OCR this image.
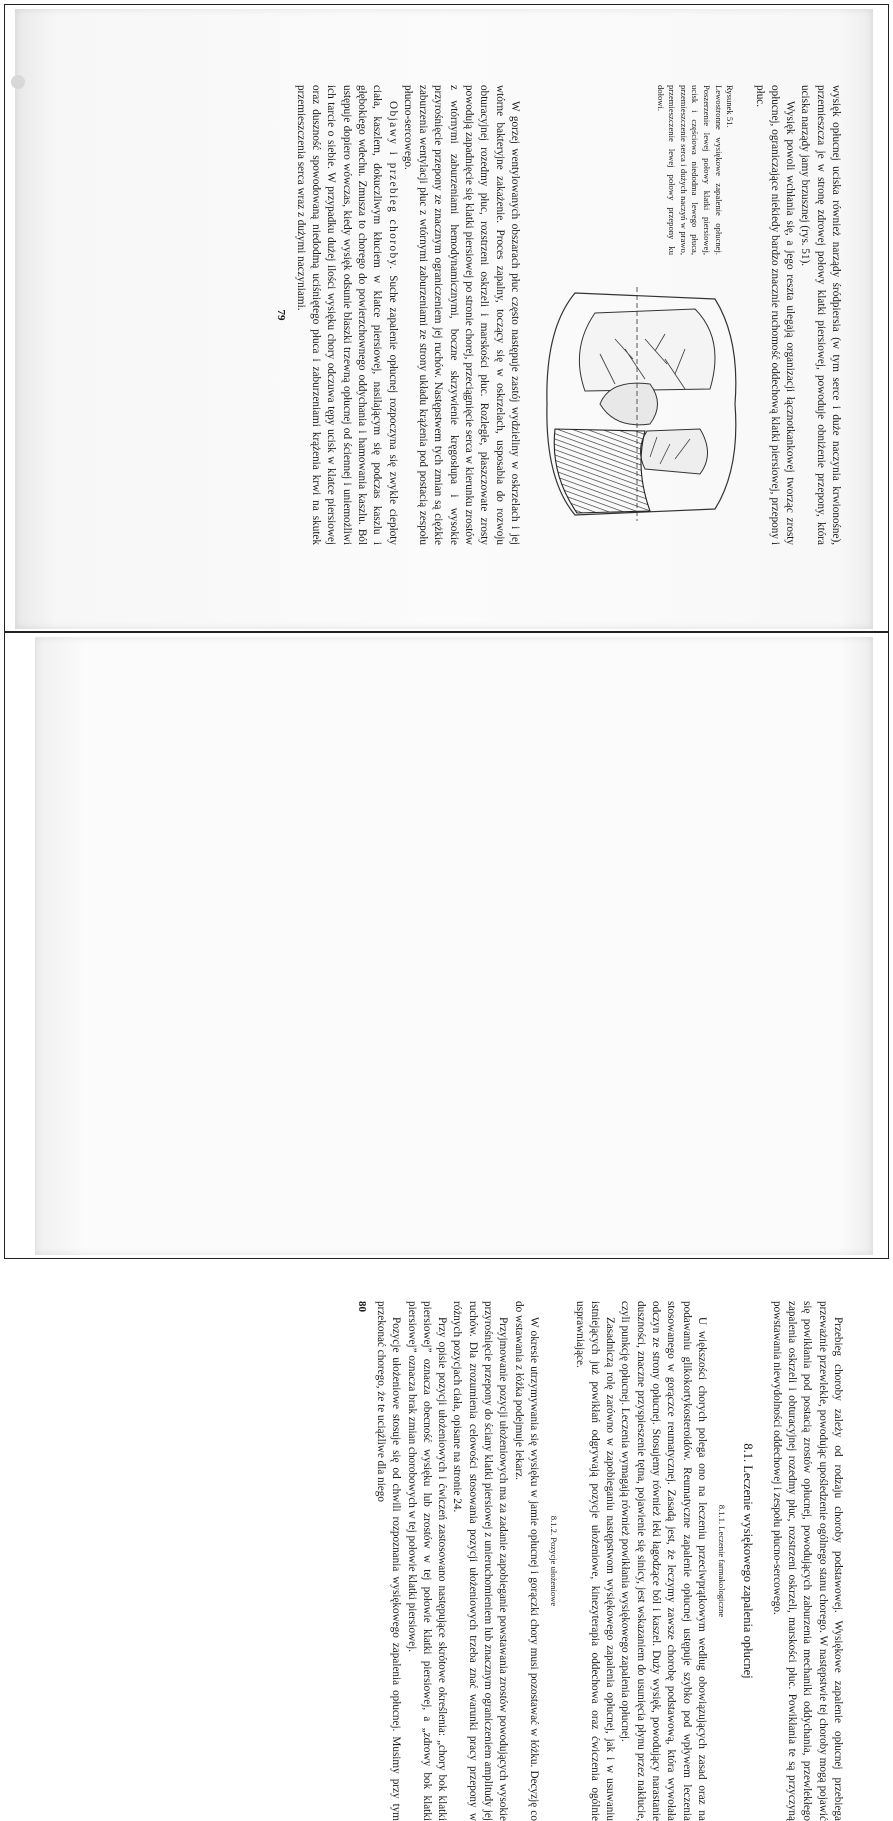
wysięk opłucnej uciska również narządy śródpiersia (w tym serce i duże naczynia krwionośne), przemieszcza je w stronę zdrowej połowy klatki piersiowej, powoduje obniżenie przepony, która uciska narządy jamy brzusznej (rys. 51).

Wysięk powoli wchłania się, a jego reszta ulegają organizacji łącznotkankowej tworząc zrosty opłucnej, ograniczające niekiedy bardzo znacznie ruchomość oddechową klatki piersiowej, przepony i płuc.

Rysunek 51.
Lewostronne wysiękowe zapalenie opłucnej. Poszerzenie lewej połowy klatki piersiowej, ucisk i częściowa niedodma lewego płuca, przemieszczenie serca i dużych naczyń w prawo, przemieszczenie lewej połowy przepony ku dołowi.

W gorzej wentylowanych obszarach płuc często następuje zastój wydzieliny w oskrzelach i jej wtórne bakteryjne zakażenie. Proces zapalny, toczący się w oskrzelach, usposabia do rozwoju obturacyjnej rozedmy płuc, rozstrzeni oskrzeli i marskości płuc. Rozległe, płaszczowate zrosty powodują zapadnięcie się klatki piersiowej po stronie chorej, przeciągnięcie serca w kierunku zrostów z wtórnymi zaburzeniami hemodynamicznymi, boczne skrzywienie kręgosłupa i wysokie przyrośnięcie przepony ze znacznym ograniczeniem jej ruchów. Następstwem tych zmian są ciężkie zaburzenia wentylacji płuc z wtórnymi zaburzeniami ze strony układu krążenia pod postacią zespołu płucno-sercowego.

Objawy i przebieg choroby. Suche zapalenie opłucnej rozpoczyna się zwykle ciepłoty ciała, kaszlem, dokuczliwym kłuciem w klatce piersiowej, nasilającym się podczas kaszlu i głębokiego wdechu. Zmusza to chorego do powierzchownego oddychania i hamowania kaszlu. Ból ustępuje dopiero wówczas, kiedy wysięk odsunie blaszki trzewną opłucnej od ściennej i uniemożliwi ich tarcie o siebie. W przypadku dużej ilości wysięku chory odczuwa tępy ucisk w klatce piersiowej oraz duszność spowodowaną niedodmą uciśniętego płuca i zaburzeniami krążenia krwi na skutek przemieszczenia serca wraz z dużymi naczyniami.

79

Przebieg choroby zależy od rodzaju choroby podstawowej. Wysiękowe zapalenie opłucnej przebiega przeważnie przewlekle, powodując upośledzenie ogólnego stanu chorego. W następstwie tej choroby mogą pojawić się powikłania pod postacią zrostów opłucnej, powodujących zaburzenia mechaniki oddychania, przewlekłego zapalenia oskrzeli i obturacyjnej rozedmy płuc, rozstrzeni oskrzeli, marskości płuc. Powikłania te są przyczyną powstawania niewydolności oddechowej i zespołu płucno-sercowego.

8.1. Leczenie wysiękowego zapalenia opłucnej
8.1.1. Leczenie farmakologiczne

U większości chorych polega ono na leczeniu przeciwprątkowym według obowiązujących zasad oraz na podawaniu glikokortykosteroidów. Reumatyczne zapalenie opłucnej ustępuje szybko pod wpływem leczenia stosowanego w gorączce reumatycznej. Zasadą jest, że leczymy zawsze chorobę podstawową, która wywołała odczyn ze strony opłucnej. Stosujemy również leki łagodzące ból i kaszel. Duży wysięk, powodujący narastanie duszności, znaczne przyspieszenie tętna, pojawienie się sinicy, jest wskazaniem do usunięcia płynu przez nakłucie, czyli punkcję opłucnej. Leczenia wymagają również powikłania wysiękowego zapalenia opłucnej.

Zasadniczą rolę zarówno w zapobieganiu następstwom wysiękowego zapalenia opłucnej, jak i w usuwaniu istniejących już powikłań odgrywają pozycje ułożeniowe, kinezyterapia oddechowa oraz ćwiczenia ogólnie usprawniające.

8.1.2. Pozycje ułożeniowe

W okresie utrzymywania się wysięku w jamie opłucnej i gorączki chory musi pozostawać w łóżku. Decyzję co do wstawania z łóżka podejmuje lekarz.

Przyjmowanie pozycji ułożeniowych ma za zadanie zapobieganie powstawania zrostów powodujących wysokie przyrośnięcie przepony do ściany klatki piersiowej z unieruchomieniem lub znacznym ograniczeniem amplitudy jej ruchów. Dla zrozumienia celowości stosowania pozycji ułożeniowych trzeba znać warunki pracy przepony w różnych pozycjach ciała, opisane na stronie 24.

Przy opisie pozycji ułożeniowych i ćwiczeń zastosowano następujące skrótowe określenia: „chory bok klatki piersiowej” oznacza obecność wysięku lub zrostów w tej połowie klatki piersiowej, a „zdrowy bok klatki piersiowej” oznacza brak zmian chorobowych w tej połowie klatki piersiowej.

Pozycje ułożeniowe stosuje się od chwili rozpoznania wysiękowego zapalenia opłucnej. Musimy przy tym przekonać chorego, że te uciążliwe dla niego

80
